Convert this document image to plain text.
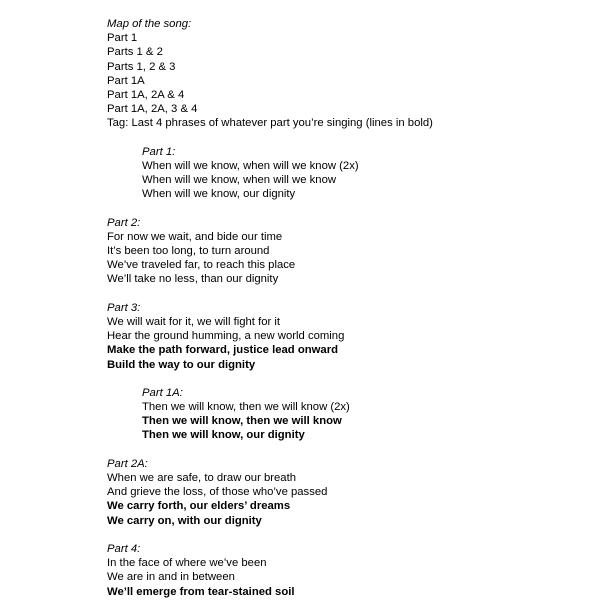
Map of the song:
Part 1
Parts 1 & 2
Parts 1, 2 & 3
Part 1A
Part 1A, 2A & 4
Part 1A, 2A, 3 & 4
Tag: Last 4 phrases of whatever part you’re singing (lines in bold)
Part 1:
When will we know, when will we know (2x)
When will we know, when will we know
When will we know, our dignity
Part 2:
For now we wait, and bide our time
It’s been too long, to turn around
We’ve traveled far, to reach this place
We’ll take no less, than our dignity
Part 3:
We will wait for it, we will fight for it
Hear the ground humming, a new world coming
Make the path forward, justice lead onward
Build the way to our dignity
Part 1A:
Then we will know, then we will know (2x)
Then we will know, then we will know
Then we will know, our dignity
Part 2A:
When we are safe, to draw our breath
And grieve the loss, of those who’ve passed
We carry forth, our elders’ dreams
We carry on, with our dignity
Part 4:
In the face of where we’ve been
We are in and in between
We’ll emerge from tear-stained soil
